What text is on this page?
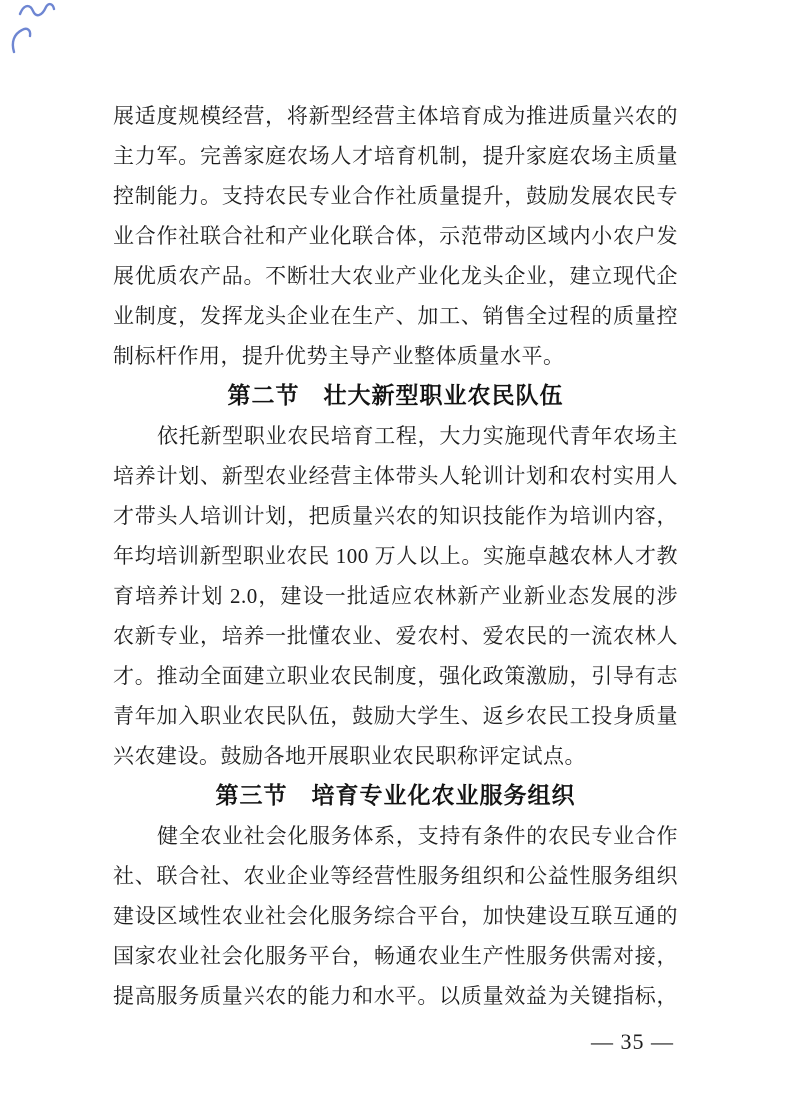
展适度规模经营，将新型经营主体培育成为推进质量兴农的
主力军。完善家庭农场人才培育机制，提升家庭农场主质量
控制能力。支持农民专业合作社质量提升，鼓励发展农民专
业合作社联合社和产业化联合体，示范带动区域内小农户发
展优质农产品。不断壮大农业产业化龙头企业，建立现代企
业制度，发挥龙头企业在生产、加工、销售全过程的质量控
制标杆作用，提升优势主导产业整体质量水平。
第二节　壮大新型职业农民队伍
依托新型职业农民培育工程，大力实施现代青年农场主
培养计划、新型农业经营主体带头人轮训计划和农村实用人
才带头人培训计划，把质量兴农的知识技能作为培训内容，
年均培训新型职业农民 100 万人以上。实施卓越农林人才教
育培养计划 2.0，建设一批适应农林新产业新业态发展的涉
农新专业，培养一批懂农业、爱农村、爱农民的一流农林人
才。推动全面建立职业农民制度，强化政策激励，引导有志
青年加入职业农民队伍，鼓励大学生、返乡农民工投身质量
兴农建设。鼓励各地开展职业农民职称评定试点。
第三节　培育专业化农业服务组织
健全农业社会化服务体系，支持有条件的农民专业合作
社、联合社、农业企业等经营性服务组织和公益性服务组织
建设区域性农业社会化服务综合平台，加快建设互联互通的
国家农业社会化服务平台，畅通农业生产性服务供需对接，
提高服务质量兴农的能力和水平。以质量效益为关键指标，
— 35 —
